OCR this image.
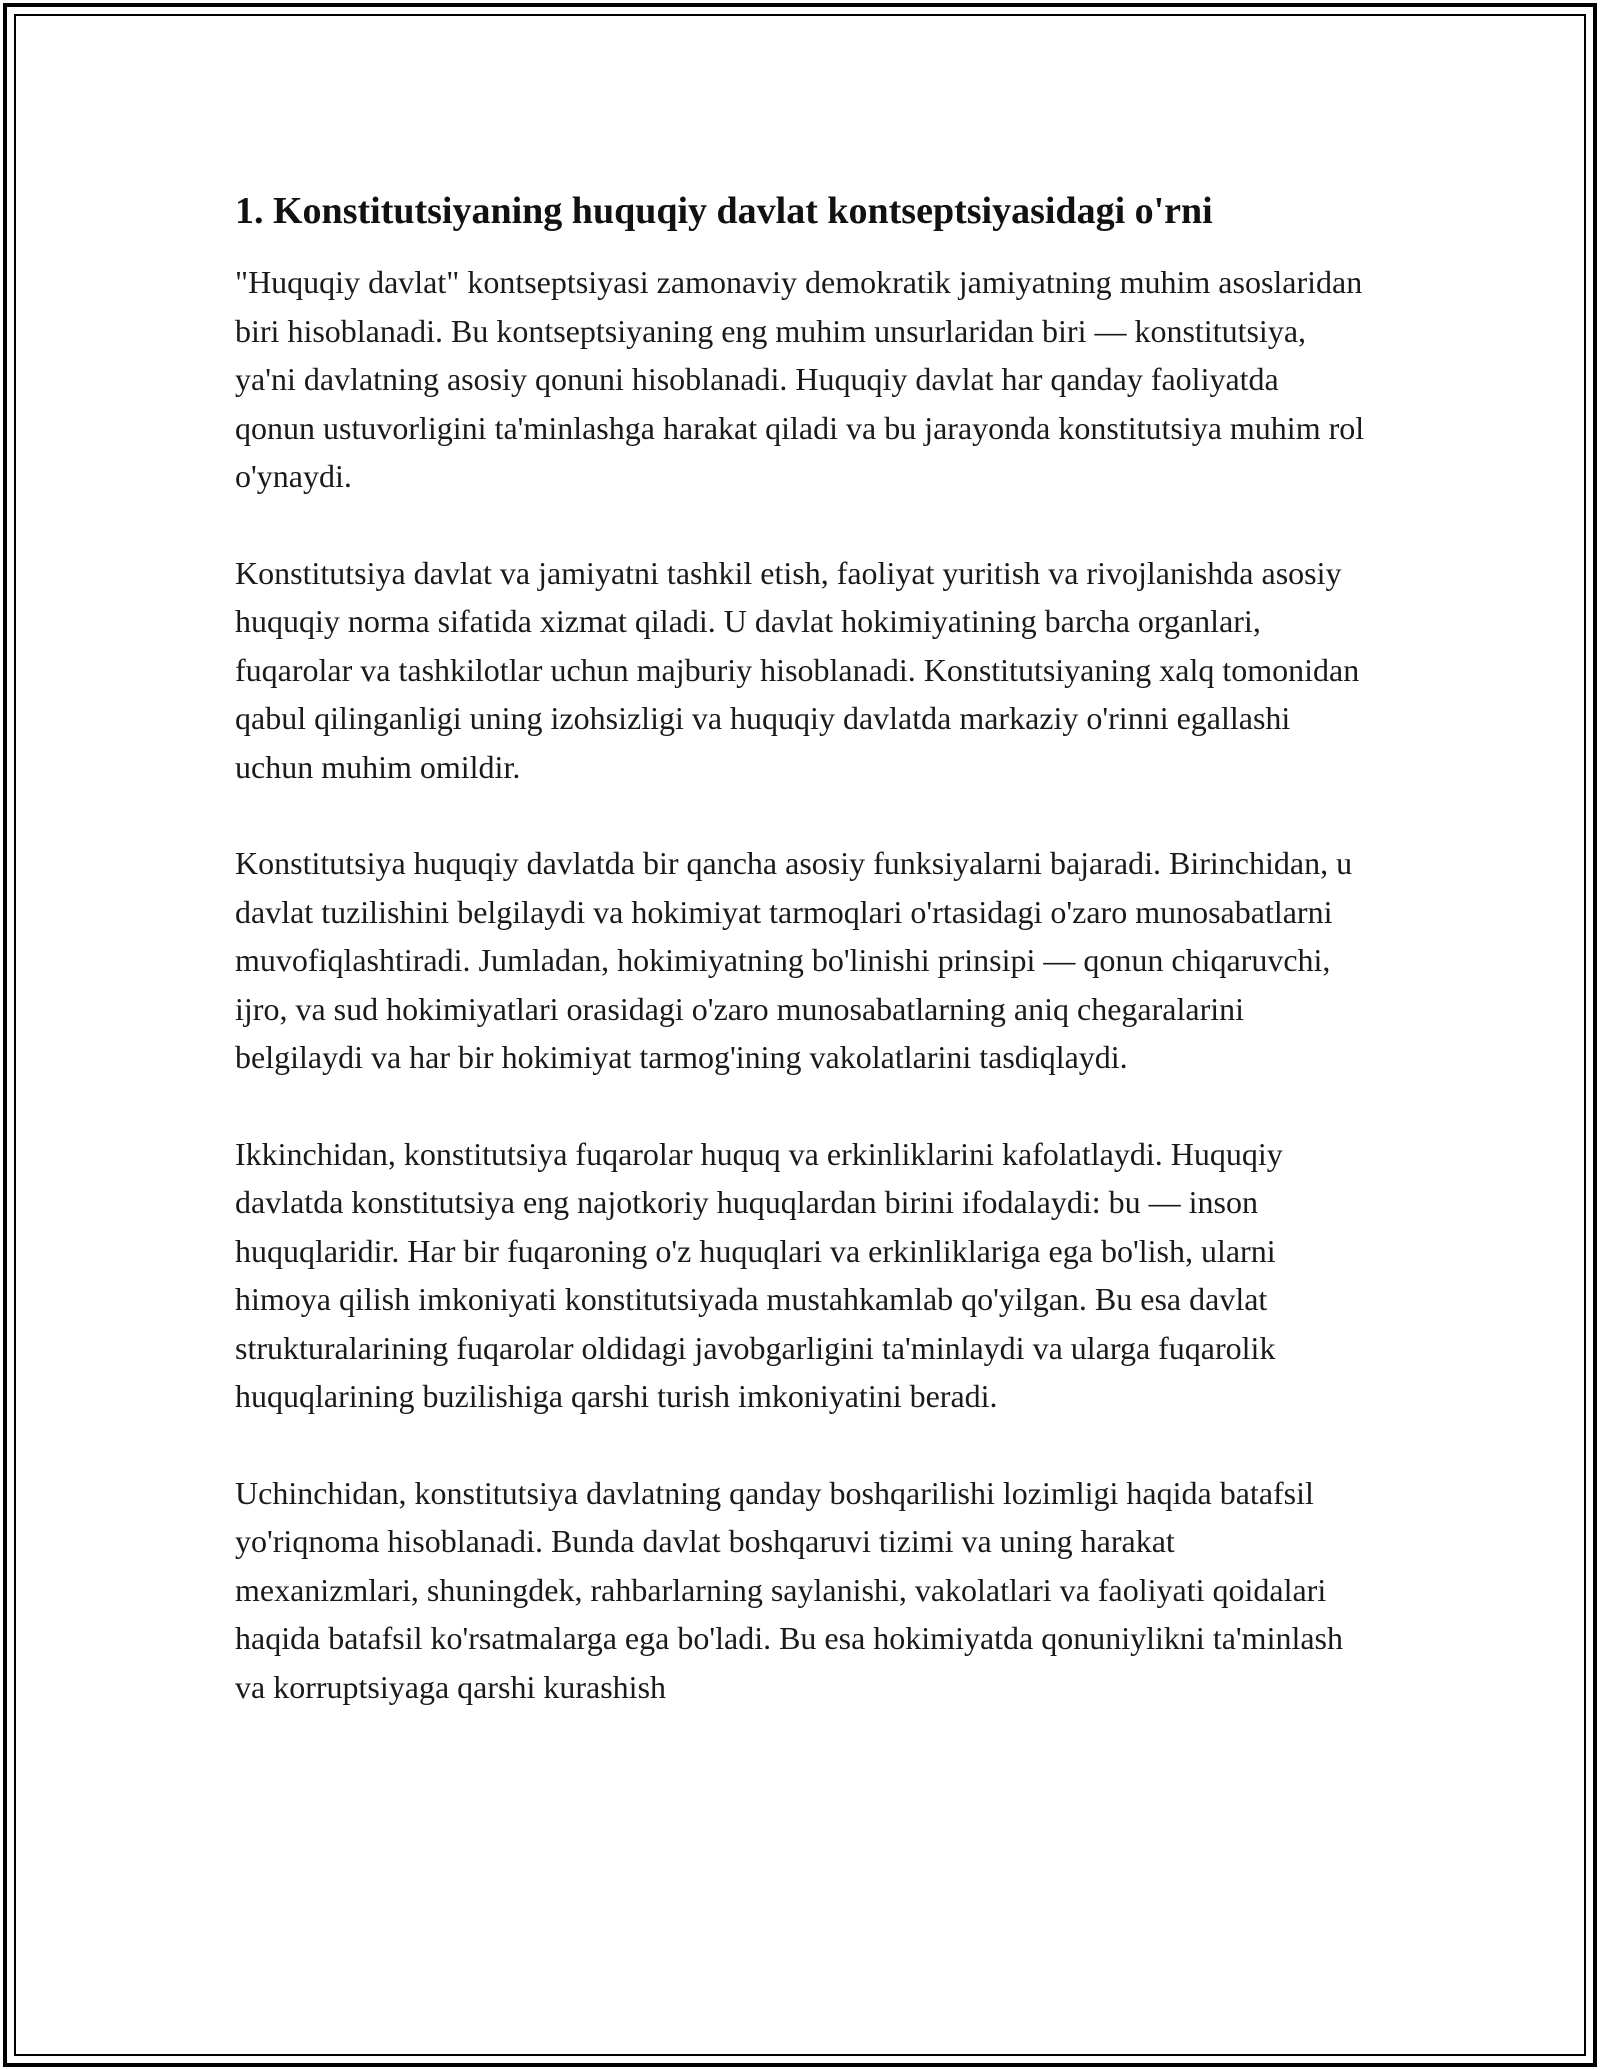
1. Konstitutsiyaning huquqiy davlat kontseptsiyasidagi o'rni

"Huquqiy davlat" kontseptsiyasi zamonaviy demokratik jamiyatning muhim asoslaridan biri hisoblanadi. Bu kontseptsiyaning eng muhim unsurlaridan biri — konstitutsiya, ya'ni davlatning asosiy qonuni hisoblanadi. Huquqiy davlat har qanday faoliyatda qonun ustuvorligini ta'minlashga harakat qiladi va bu jarayonda konstitutsiya muhim rol o'ynaydi.

Konstitutsiya davlat va jamiyatni tashkil etish, faoliyat yuritish va rivojlanishda asosiy huquqiy norma sifatida xizmat qiladi. U davlat hokimiyatining barcha organlari, fuqarolar va tashkilotlar uchun majburiy hisoblanadi. Konstitutsiyaning xalq tomonidan qabul qilinganligi uning izohsizligi va huquqiy davlatda markaziy o'rinni egallashi uchun muhim omildir.

Konstitutsiya huquqiy davlatda bir qancha asosiy funksiyalarni bajaradi. Birinchidan, u davlat tuzilishini belgilaydi va hokimiyat tarmoqlari o'rtasidagi o'zaro munosabatlarni muvofiqlashtiradi. Jumladan, hokimiyatning bo'linishi prinsipi — qonun chiqaruvchi, ijro, va sud hokimiyatlari orasidagi o'zaro munosabatlarning aniq chegaralarini belgilaydi va har bir hokimiyat tarmog'ining vakolatlarini tasdiqlaydi.

Ikkinchidan, konstitutsiya fuqarolar huquq va erkinliklarini kafolatlaydi. Huquqiy davlatda konstitutsiya eng najotkoriy huquqlardan birini ifodalaydi: bu — inson huquqlaridir. Har bir fuqaroning o'z huquqlari va erkinliklariga ega bo'lish, ularni himoya qilish imkoniyati konstitutsiyada mustahkamlab qo'yilgan. Bu esa davlat strukturalarining fuqarolar oldidagi javobgarligini ta'minlaydi va ularga fuqarolik huquqlarining buzilishiga qarshi turish imkoniyatini beradi.

Uchinchidan, konstitutsiya davlatning qanday boshqarilishi lozimligi haqida batafsil yo'riqnoma hisoblanadi. Bunda davlat boshqaruvi tizimi va uning harakat mexanizmlari, shuningdek, rahbarlarning saylanishi, vakolatlari va faoliyati qoidalari haqida batafsil ko'rsatmalarga ega bo'ladi. Bu esa hokimiyatda qonuniylikni ta'minlash va korruptsiyaga qarshi kurashish
